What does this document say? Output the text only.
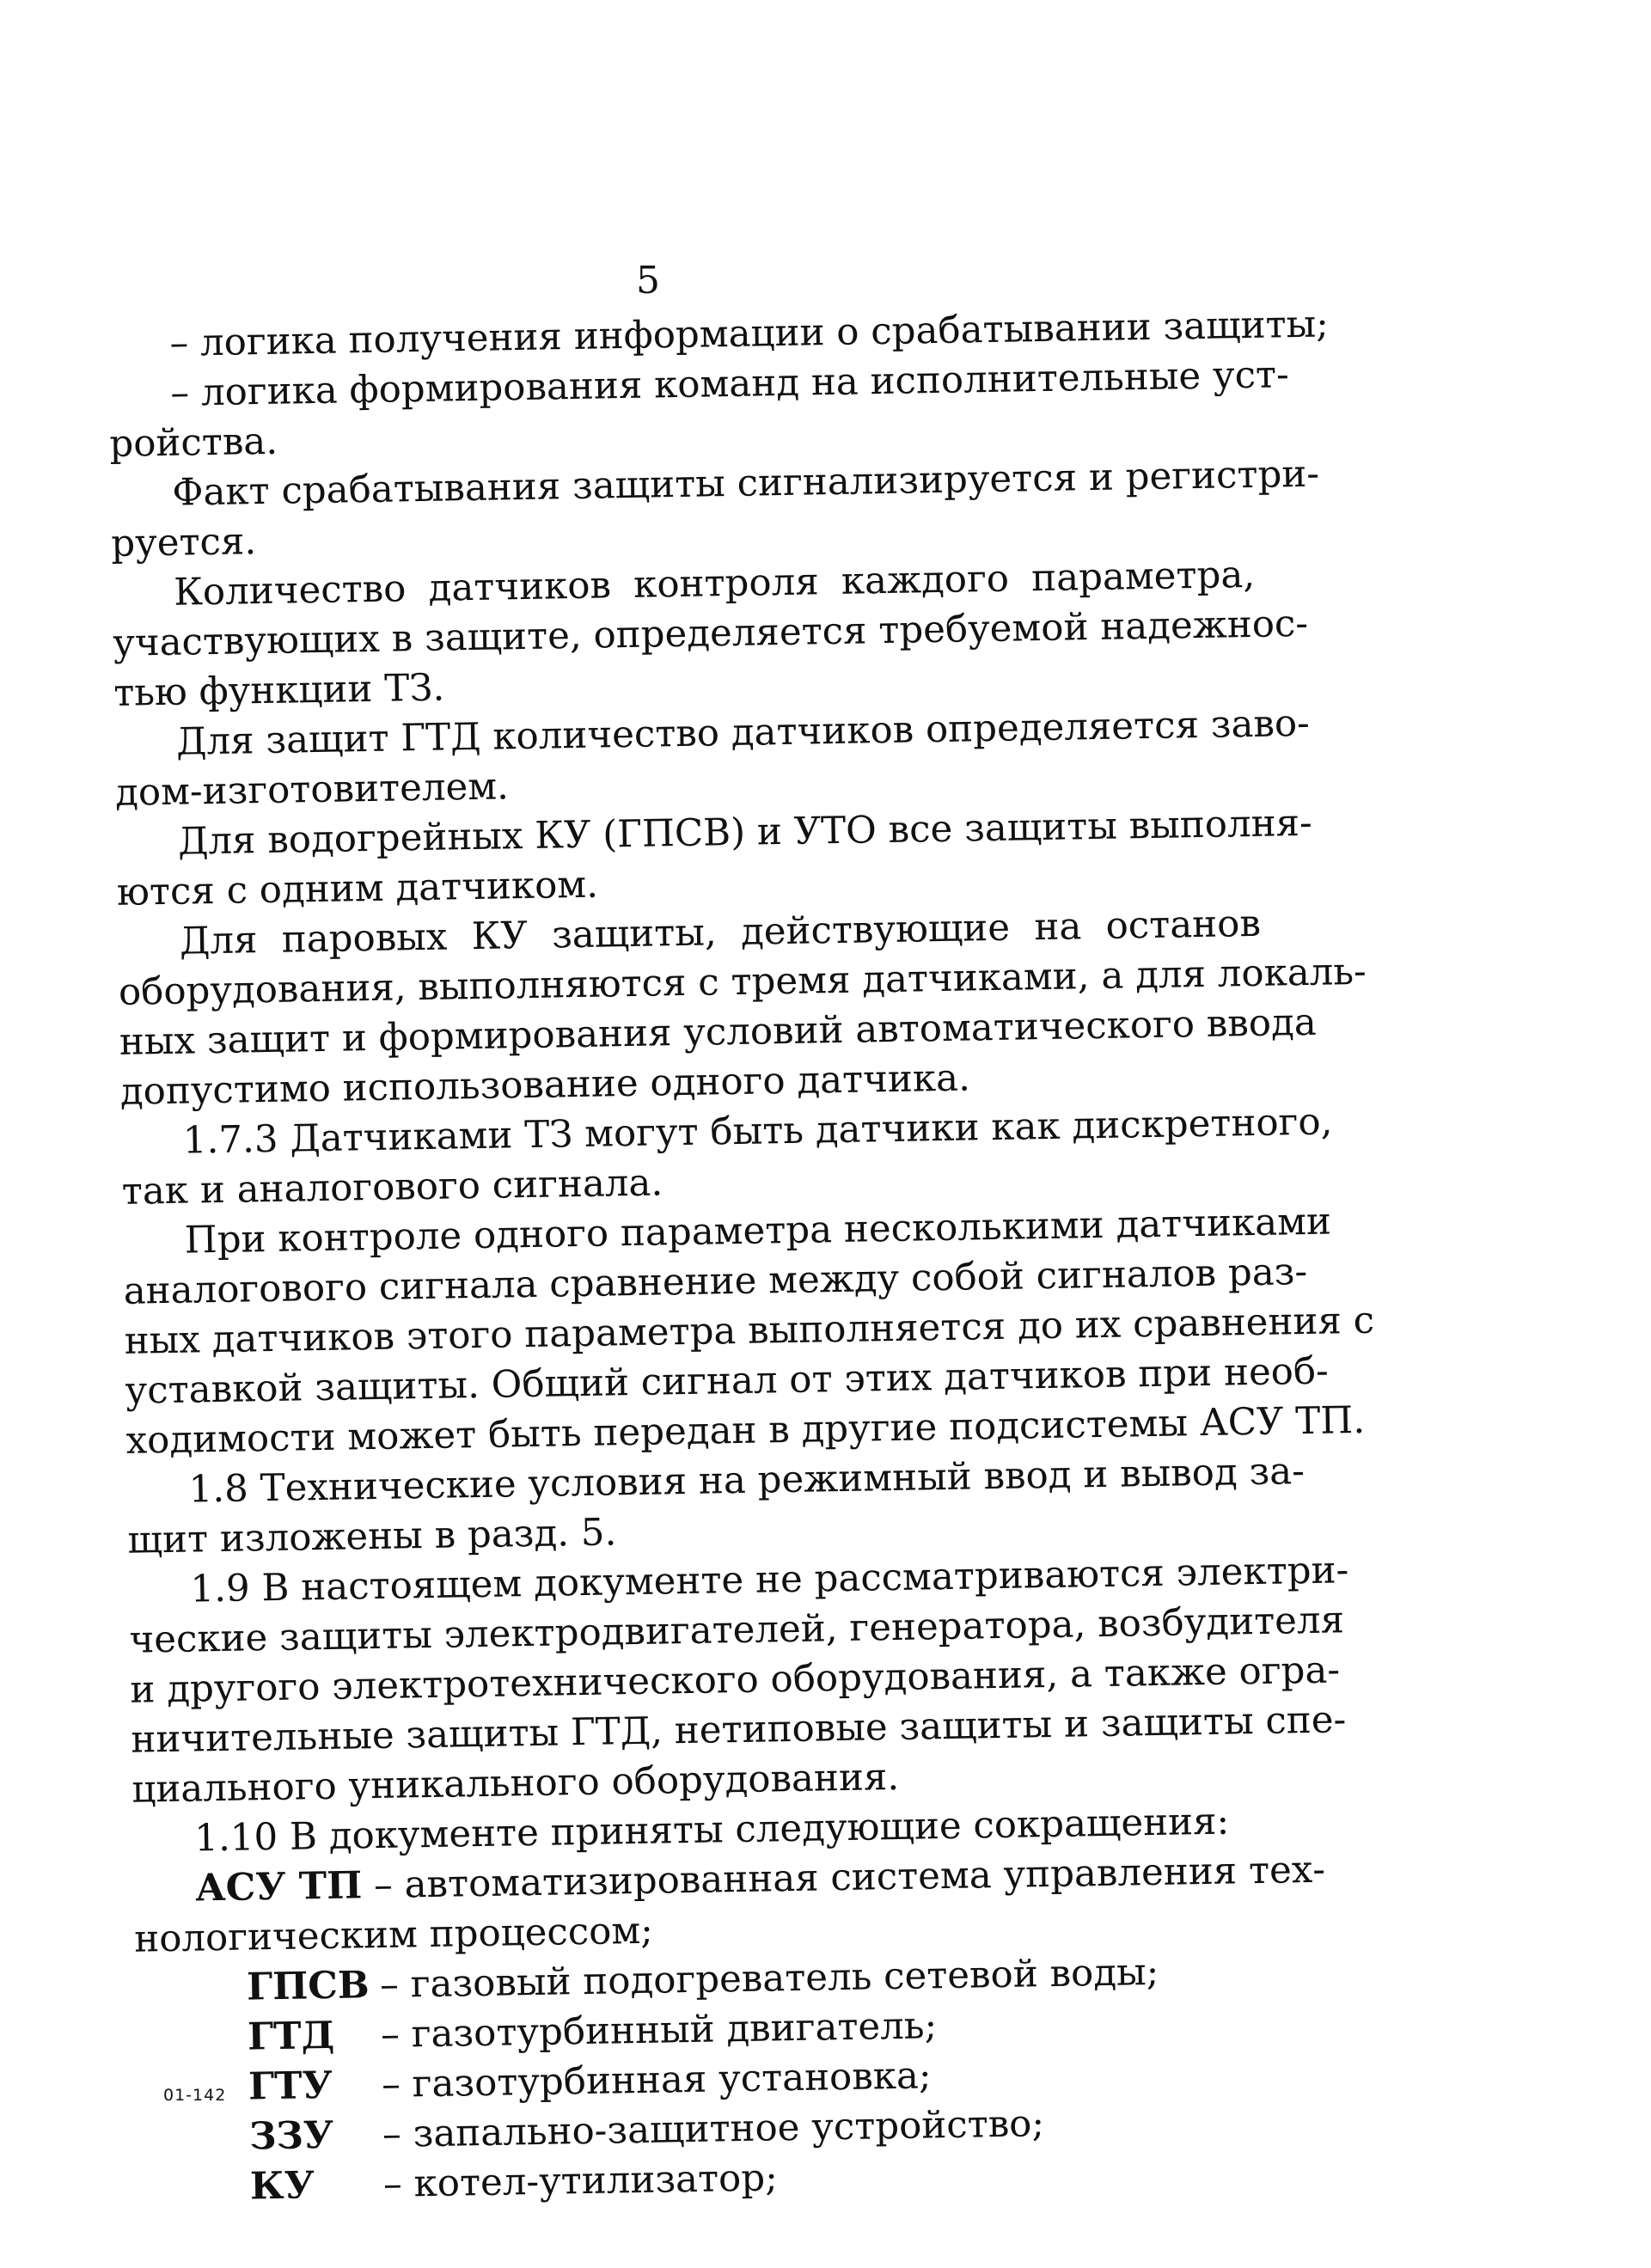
5
– логика получения информации о срабатывании защиты;
– логика формирования команд на исполнительные уст-
ройства.
Факт срабатывания защиты сигнализируется и регистри-
руется.
Количество датчиков контроля каждого параметра,
участвующих в защите, определяется требуемой надежнос-
тью функции ТЗ.
Для защит ГТД количество датчиков определяется заво-
дом-изготовителем.
Для водогрейных КУ (ГПСВ) и УТО все защиты выполня-
ются с одним датчиком.
Для паровых КУ защиты, действующие на останов
оборудования, выполняются с тремя датчиками, а для локаль-
ных защит и формирования условий автоматического ввода
допустимо использование одного датчика.
1.7.3 Датчиками ТЗ могут быть датчики как дискретного,
так и аналогового сигнала.
При контроле одного параметра несколькими датчиками
аналогового сигнала сравнение между собой сигналов раз-
ных датчиков этого параметра выполняется до их сравнения с
уставкой защиты. Общий сигнал от этих датчиков при необ-
ходимости может быть передан в другие подсистемы АСУ ТП.
1.8 Технические условия на режимный ввод и вывод за-
щит изложены в разд. 5.
1.9 В настоящем документе не рассматриваются электри-
ческие защиты электродвигателей, генератора, возбудителя
и другого электротехнического оборудования, а также огра-
ничительные защиты ГТД, нетиповые защиты и защиты спе-
циального уникального оборудования.
1.10 В документе приняты следующие сокращения:
АСУ ТП – автоматизированная система управления тех-
нологическим процессом;
ГПСВ – газовый подогреватель сетевой воды;
ГТД	– газотурбинный двигатель;
ГТУ	– газотурбинная установка;
ЗЗУ	– запально-защитное устройство;
КУ	– котел-утилизатор;
01-142
